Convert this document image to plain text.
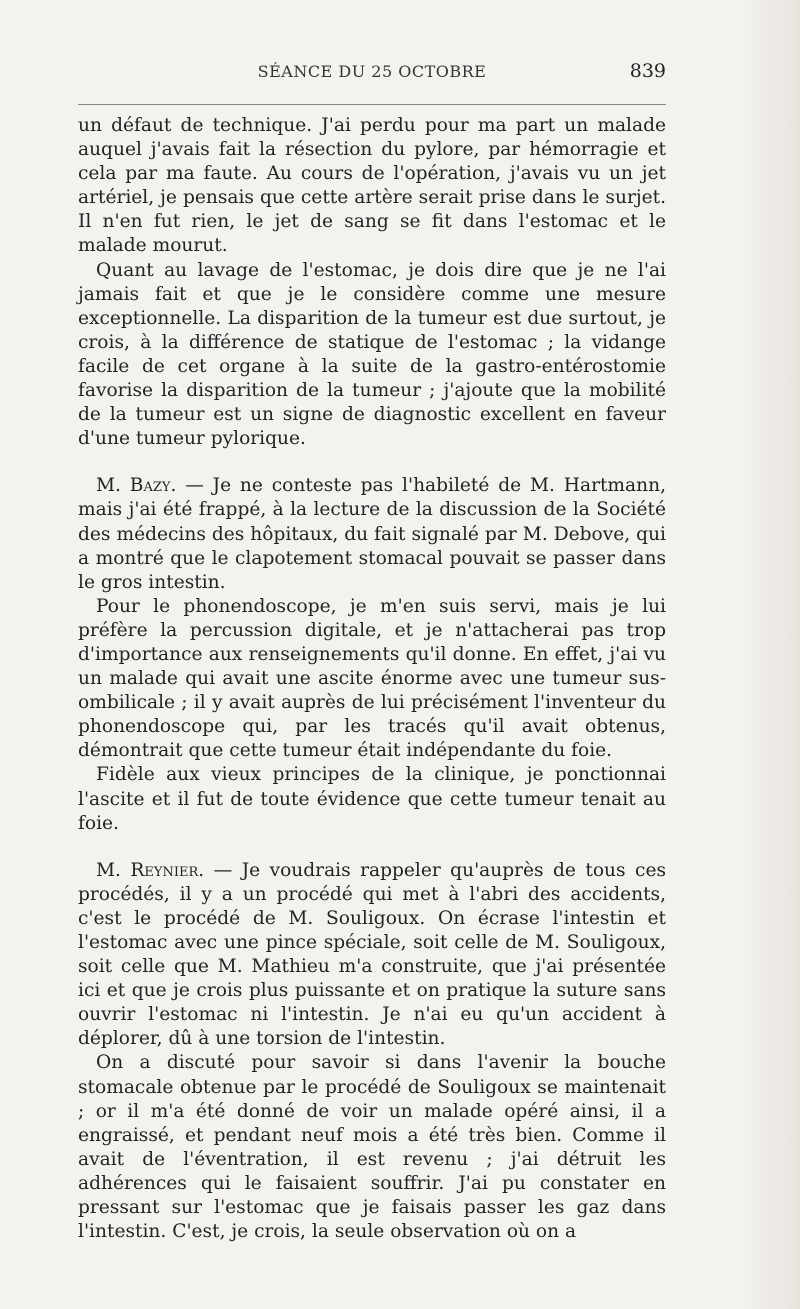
SÉANCE DU 25 OCTOBRE	839

un défaut de technique. J'ai perdu pour ma part un malade auquel j'avais fait la résection du pylore, par hémorragie et cela par ma faute. Au cours de l'opération, j'avais vu un jet artériel, je pensais que cette artère serait prise dans le surjet. Il n'en fut rien, le jet de sang se fit dans l'estomac et le malade mourut.

Quant au lavage de l'estomac, je dois dire que je ne l'ai jamais fait et que je le considère comme une mesure exceptionnelle. La disparition de la tumeur est due surtout, je crois, à la différence de statique de l'estomac ; la vidange facile de cet organe à la suite de la gastro-entérostomie favorise la disparition de la tumeur ; j'ajoute que la mobilité de la tumeur est un signe de diagnostic excellent en faveur d'une tumeur pylorique.

M. Bazy. — Je ne conteste pas l'habileté de M. Hartmann, mais j'ai été frappé, à la lecture de la discussion de la Société des médecins des hôpitaux, du fait signalé par M. Debove, qui a montré que le clapotement stomacal pouvait se passer dans le gros intestin.

Pour le phonendoscope, je m'en suis servi, mais je lui préfère la percussion digitale, et je n'attacherai pas trop d'importance aux renseignements qu'il donne. En effet, j'ai vu un malade qui avait une ascite énorme avec une tumeur sus-ombilicale ; il y avait auprès de lui précisément l'inventeur du phonendoscope qui, par les tracés qu'il avait obtenus, démontrait que cette tumeur était indépendante du foie.

Fidèle aux vieux principes de la clinique, je ponctionnai l'ascite et il fut de toute évidence que cette tumeur tenait au foie.

M. Reynier. — Je voudrais rappeler qu'auprès de tous ces procédés, il y a un procédé qui met à l'abri des accidents, c'est le procédé de M. Souligoux. On écrase l'intestin et l'estomac avec une pince spéciale, soit celle de M. Souligoux, soit celle que M. Mathieu m'a construite, que j'ai présentée ici et que je crois plus puissante et on pratique la suture sans ouvrir l'estomac ni l'intestin. Je n'ai eu qu'un accident à déplorer, dû à une torsion de l'intestin.

On a discuté pour savoir si dans l'avenir la bouche stomacale obtenue par le procédé de Souligoux se maintenait ; or il m'a été donné de voir un malade opéré ainsi, il a engraissé, et pendant neuf mois a été très bien. Comme il avait de l'éventration, il est revenu ; j'ai détruit les adhérences qui le faisaient souffrir. J'ai pu constater en pressant sur l'estomac que je faisais passer les gaz dans l'intestin. C'est, je crois, la seule observation où on a
